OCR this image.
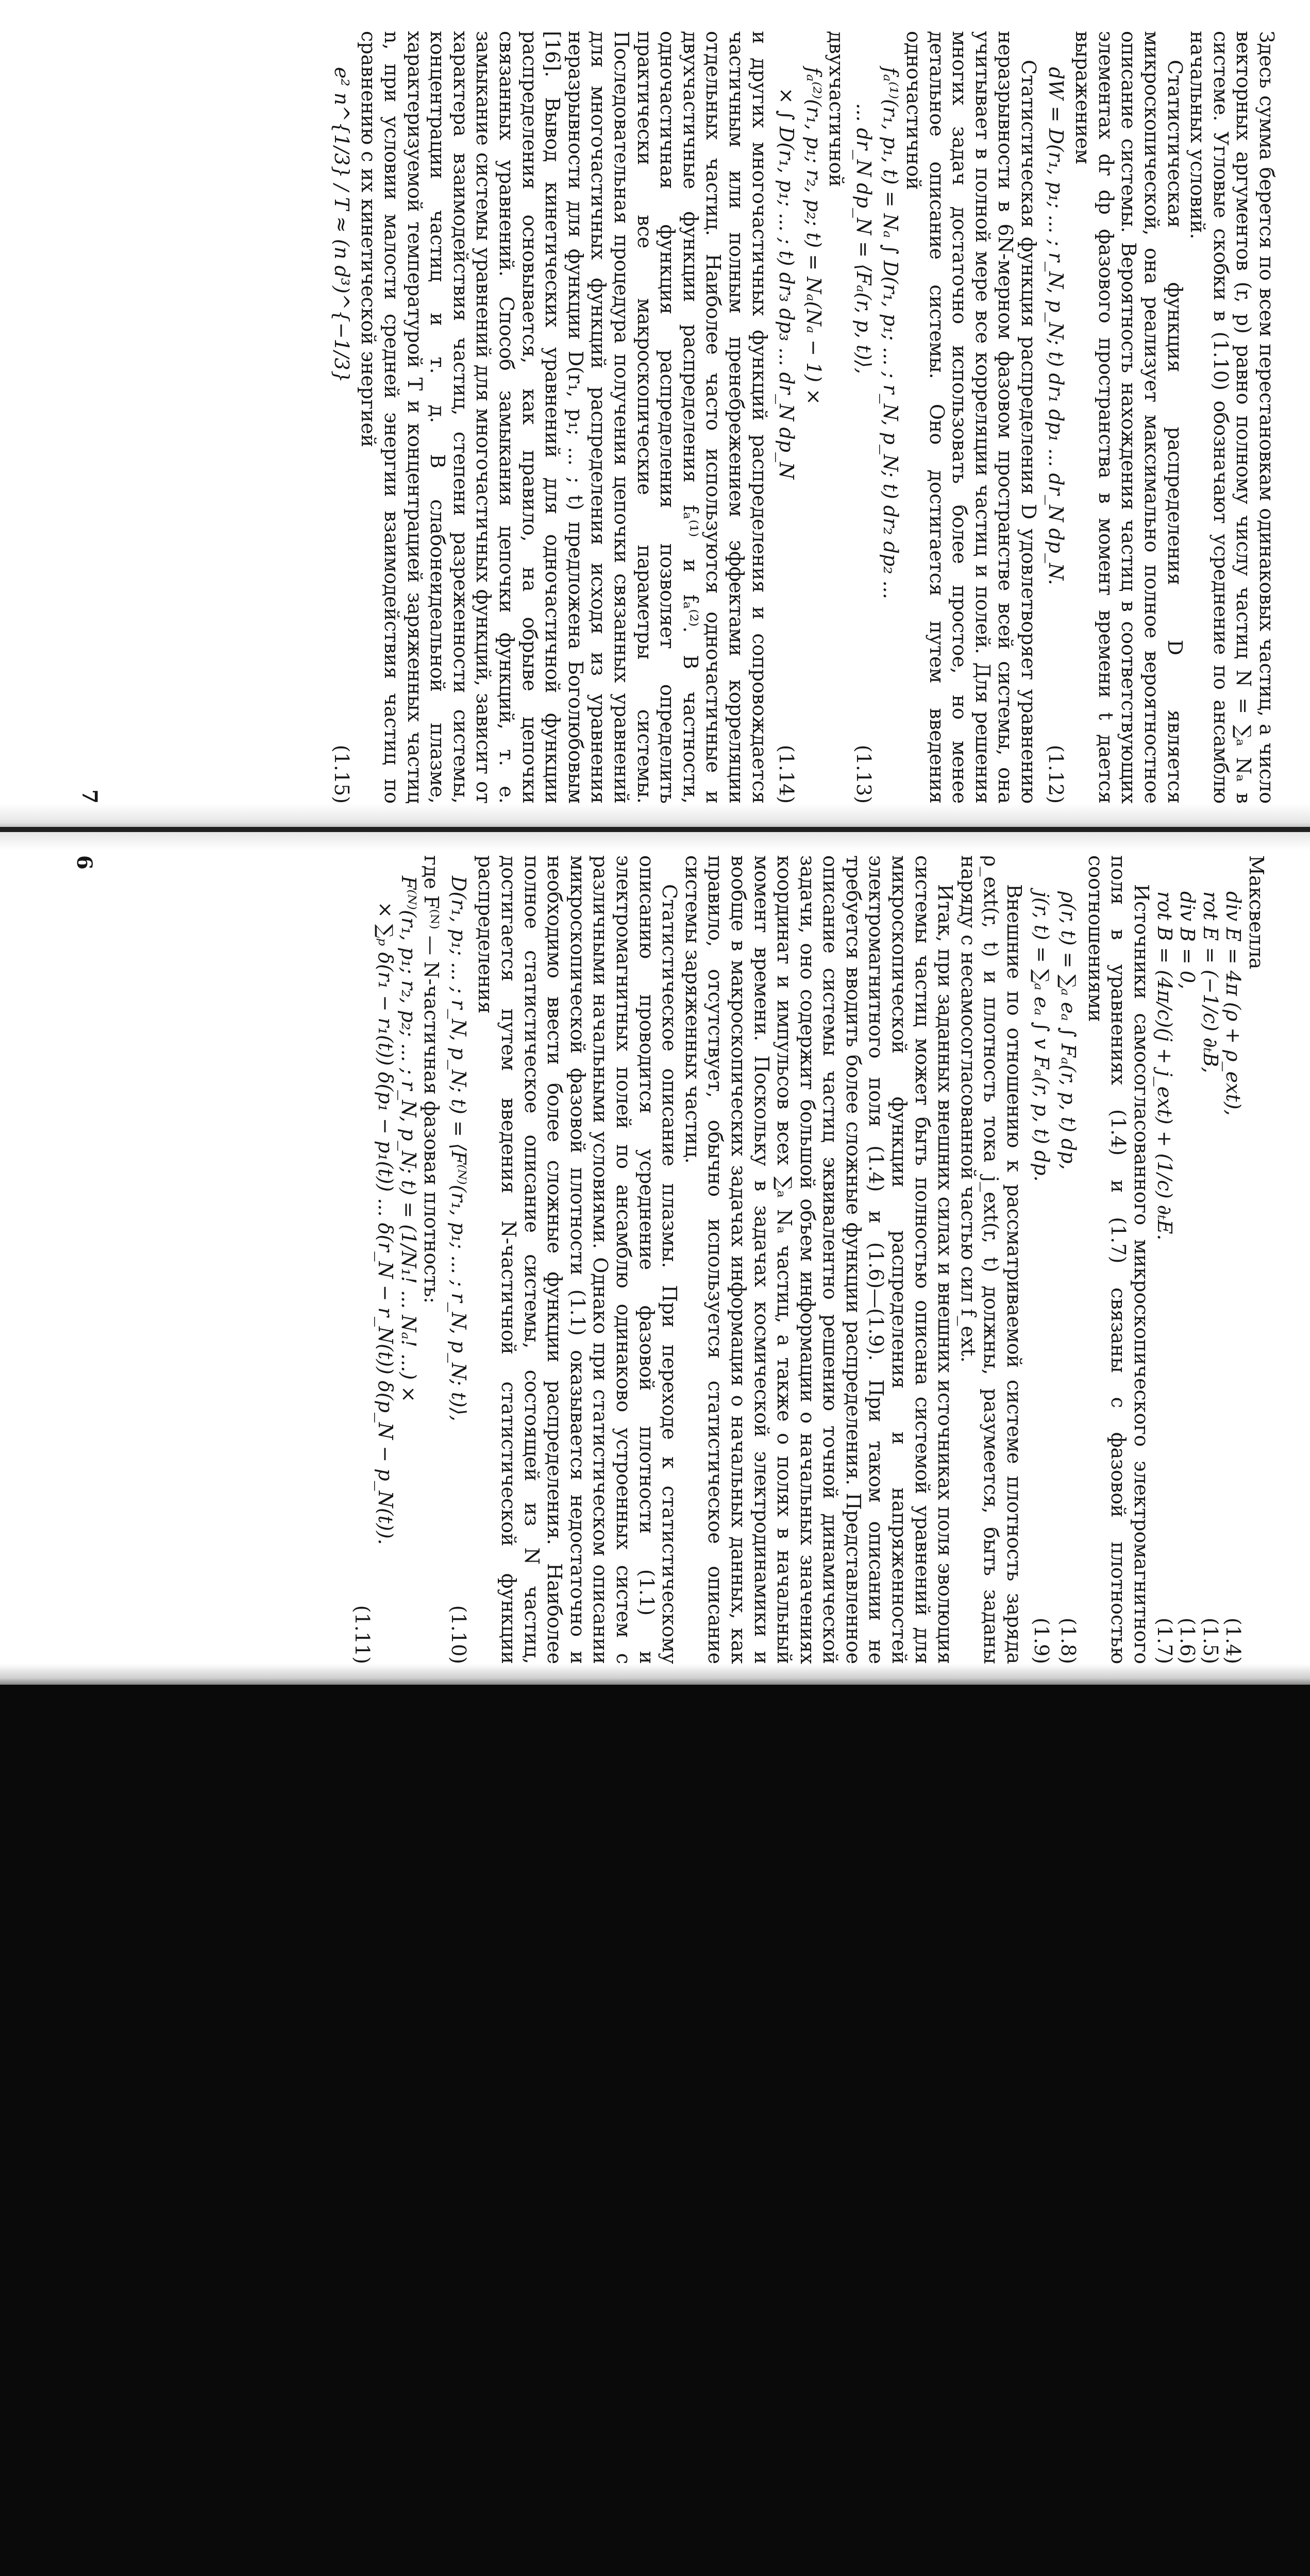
Здесь сумма берется по всем перестановкам одинаковых частиц, а число векторных аргументов (r, p) равно полному числу частиц N = ∑ₐ Nₐ в системе. Угловые скобки в (1.10) обозначают усреднение по ансамблю начальных условий.

Статистическая функция распределения D является микроскопической, она реализует максимально полное вероятностное описание системы. Вероятность нахождения частиц в соответствующих элементах dr dp фазового пространства в момент времени t дается выражением

dW = D(r₁, p₁; ... ; r_N, p_N; t) dr₁ dp₁ ... dr_N dp_N.
(1.12)

Статистическая функция распределения D удовлетворяет уравнению неразрывности в 6N-мерном фазовом пространстве всей системы, она учитывает в полной мере все корреляции частиц и полей. Для решения многих задач достаточно использовать более простое, но менее детальное описание системы. Оно достигается путем введения одночастичной

fₐ⁽¹⁾(r₁, p₁, t) = Nₐ ∫ D(r₁, p₁; ... ; r_N, p_N; t) dr₂ dp₂ ...
... dr_N dp_N = ⟨Fₐ(r, p, t)⟩,
(1.13)

двухчастичной

fₐ⁽²⁾(r₁, p₁; r₂, p₂; t) = Nₐ(Nₐ − 1) ×
× ∫ D(r₁, p₁; ... ; t) dr₃ dp₃ ... dr_N dp_N
(1.14)

и других многочастичных функций распределения и сопровождается частичным или полным пренебрежением эффектами корреляции отдельных частиц. Наиболее часто используются одночастичные и двухчастичные функции распределения fₐ⁽¹⁾ и fₐ⁽²⁾. В частности, одночастичная функция распределения позволяет определить практически все макроскопические параметры системы. Последовательная процедура получения цепочки связанных уравнений для многочастичных функций распределения исходя из уравнения неразрывности для функции D(r₁, p₁; ... ; t) предложена Боголюбовым [16]. Вывод кинетических уравнений для одночастичной функции распределения основывается, как правило, на обрыве цепочки связанных уравнений. Способ замыкания цепочки функций, т. е. замыкание системы уравнений для многочастичных функций, зависит от характера взаимодействия частиц, степени разреженности системы, концентрации частиц и т. д. В слабонеидеальной плазме, характеризуемой температурой T и концентрацией заряженных частиц n, при условии малости средней энергии взаимодействия частиц по сравнению с их кинетической энергией

e² n^{1/3} / T ≈ (n d³)^{−1/3}
(1.15)
7

Максвелла

div E = 4π (ρ + ρ_ext),
(1.4)
rot E = (−1/c) ∂ₜB,
(1.5)
div B = 0,
(1.6)
rot B = (4π/c)(j + j_ext) + (1/c) ∂ₜE.
(1.7)

Источники самосогласованного микроскопического электромагнитного поля в уравнениях (1.4) и (1.7) связаны с фазовой плотностью соотношениями

ρ(r, t) = ∑ₐ eₐ ∫ Fₐ(r, p, t) dp,
(1.8)
j(r, t) = ∑ₐ eₐ ∫ v Fₐ(r, p, t) dp.
(1.9)

Внешние по отношению к рассматриваемой системе плотность заряда ρ_ext(r, t) и плотность тока j_ext(r, t) должны, разумеется, быть заданы наряду с несамосогласованной частью сил f_ext.

Итак, при заданных внешних силах и внешних источниках поля эволюция системы частиц может быть полностью описана системой уравнений для микроскопической функции распределения и напряженностей электромагнитного поля (1.4) и (1.6)—(1.9). При таком описании не требуется вводить более сложные функции распределения. Представленное описание системы частиц эквивалентно решению точной динамической задачи, оно содержит большой объем информации о начальных значениях координат и импульсов всех ∑ₐ Nₐ частиц, а также о полях в начальный момент времени. Поскольку в задачах космической электродинамики и вообще в макроскопических задачах информация о начальных данных, как правило, отсутствует, обычно используется статистическое описание системы заряженных частиц.

Статистическое описание плазмы. При переходе к статистическому описанию проводится усреднение фазовой плотности (1.1) и электромагнитных полей по ансамблю одинаково устроенных систем с различными начальными условиями. Однако при статистическом описании микроскопической фазовой плотности (1.1) оказывается недостаточно и необходимо ввести более сложные функции распределения. Наиболее полное статистическое описание системы, состоящей из N частиц, достигается путем введения N-частичной статистической функции распределения

D(r₁, p₁; ... ; r_N, p_N; t) = ⟨F⁽ᴺ⁾(r₁, p₁; ... ; r_N, p_N; t)⟩,
(1.10)

где F⁽ᴺ⁾ — N-частичная фазовая плотность:

F⁽ᴺ⁾(r₁, p₁; r₂, p₂; ... ; r_N, p_N; t) = (1/N₁! ... Nₐ! ...) ×
× ∑ₚ δ(r₁ − r₁(t)) δ(p₁ − p₁(t)) ... δ(r_N − r_N(t)) δ(p_N − p_N(t)).
(1.11)
6
